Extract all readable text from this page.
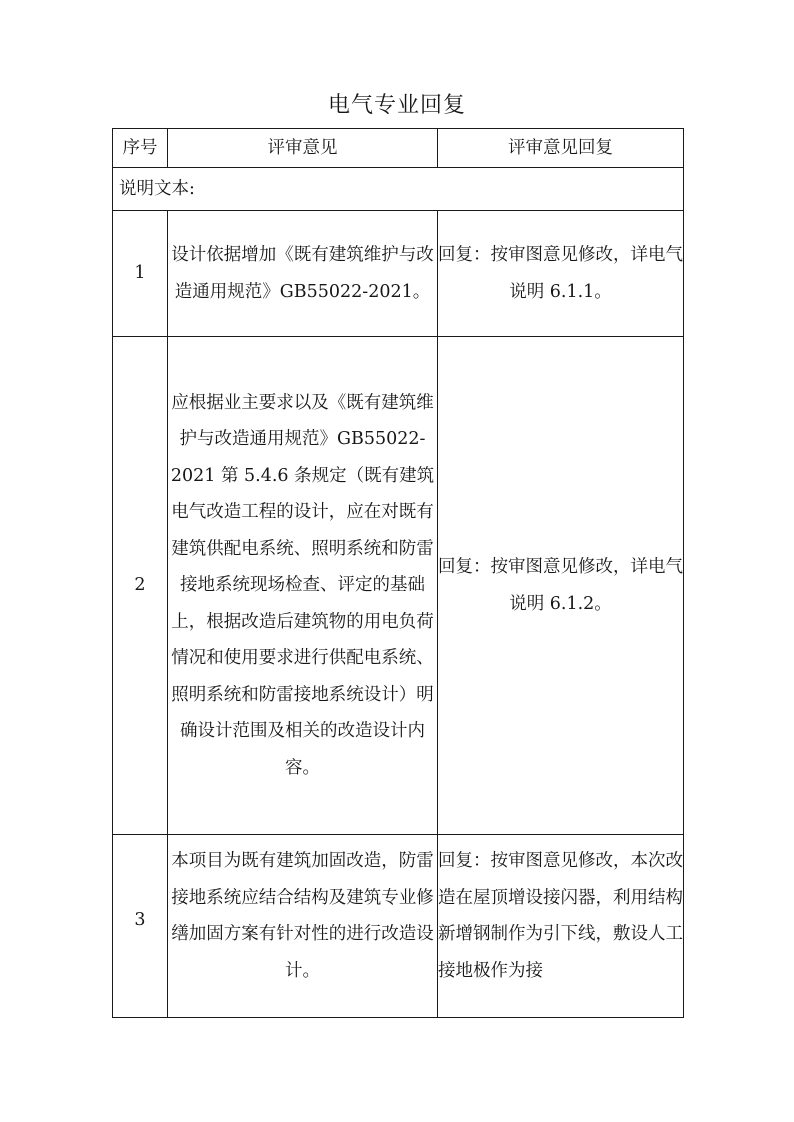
电气专业回复
序号	评审意见	评审意见回复
说明文本:		
1	设计依据增加《既有建筑维护与改造通用规范》GB55022-2021。	回复：按审图意见修改，详电气说明 6.1.1。
2	应根据业主要求以及《既有建筑维护与改造通用规范》GB55022-2021 第 5.4.6 条规定（既有建筑电气改造工程的设计，应在对既有建筑供配电系统、照明系统和防雷接地系统现场检查、评定的基础上，根据改造后建筑物的用电负荷情况和使用要求进行供配电系统、照明系统和防雷接地系统设计）明确设计范围及相关的改造设计内容。	回复：按审图意见修改，详电气说明 6.1.2。
3	本项目为既有建筑加固改造，防雷接地系统应结合结构及建筑专业修缮加固方案有针对性的进行改造设计。	回复：按审图意见修改，本次改造在屋顶增设接闪器，利用结构新增钢制作为引下线，敷设人工接地极作为接
